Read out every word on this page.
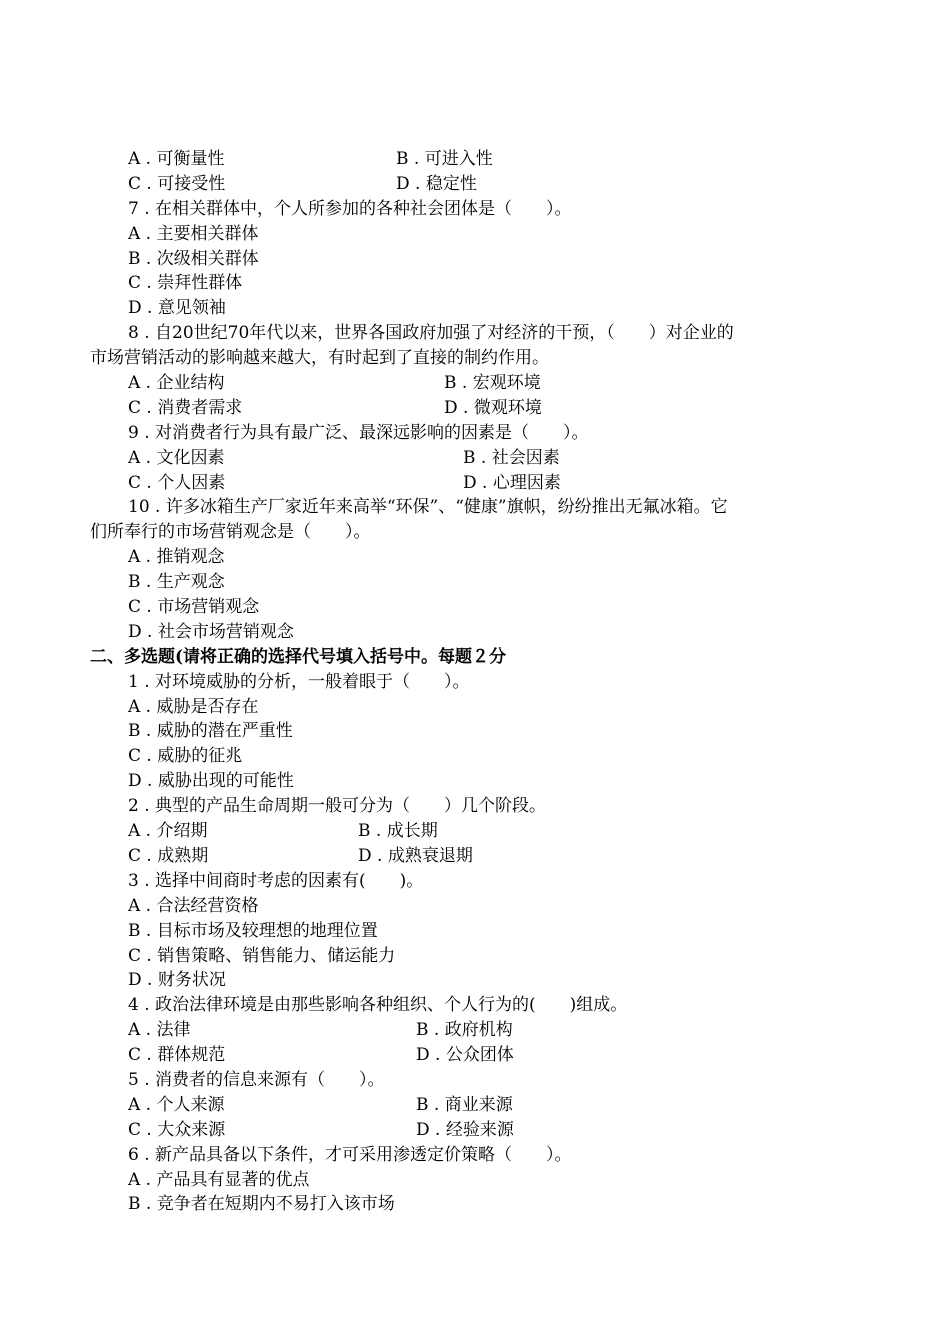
A . 可衡量性	B . 可进入性
C . 可接受性	D . 稳定性
7 . 在相关群体中，个人所参加的各种社会团体是（　　）。
A . 主要相关群体
B . 次级相关群体
C . 崇拜性群体
D . 意见领袖
8 . 自20世纪70年代以来，世界各国政府加强了对经济的干预，（　　）对企业的
市场营销活动的影响越来越大，有时起到了直接的制约作用。
A . 企业结构	B . 宏观环境
C . 消费者需求	D . 微观环境
9 . 对消费者行为具有最广泛、最深远影响的因素是（　　）。
A . 文化因素	B . 社会因素
C . 个人因素	D . 心理因素
10 . 许多冰箱生产厂家近年来高举“环保”、“健康”旗帜，纷纷推出无氟冰箱。它
们所奉行的市场营销观念是（　　）。
A . 推销观念
B . 生产观念
C . 市场营销观念
D . 社会市场营销观念
二、多选题(请将正确的选择代号填入括号中。每题２分
1 . 对环境威胁的分析，一般着眼于（　　）。
A . 威胁是否存在
B . 威胁的潜在严重性
C . 威胁的征兆
D . 威胁出现的可能性
2 . 典型的产品生命周期一般可分为（　　）几个阶段。
A . 介绍期	B . 成长期
C . 成熟期	D . 成熟衰退期
3 . 选择中间商时考虑的因素有(　　)。
A . 合法经营资格
B . 目标市场及较理想的地理位置
C . 销售策略、销售能力、储运能力
D . 财务状况
4 . 政治法律环境是由那些影响各种组织、个人行为的(　　)组成。
A . 法律	B . 政府机构
C . 群体规范	D . 公众团体
5 . 消费者的信息来源有（　　）。
A . 个人来源	B . 商业来源
C . 大众来源	D . 经验来源
6 . 新产品具备以下条件，才可采用渗透定价策略（　　）。
A . 产品具有显著的优点
B . 竞争者在短期内不易打入该市场
